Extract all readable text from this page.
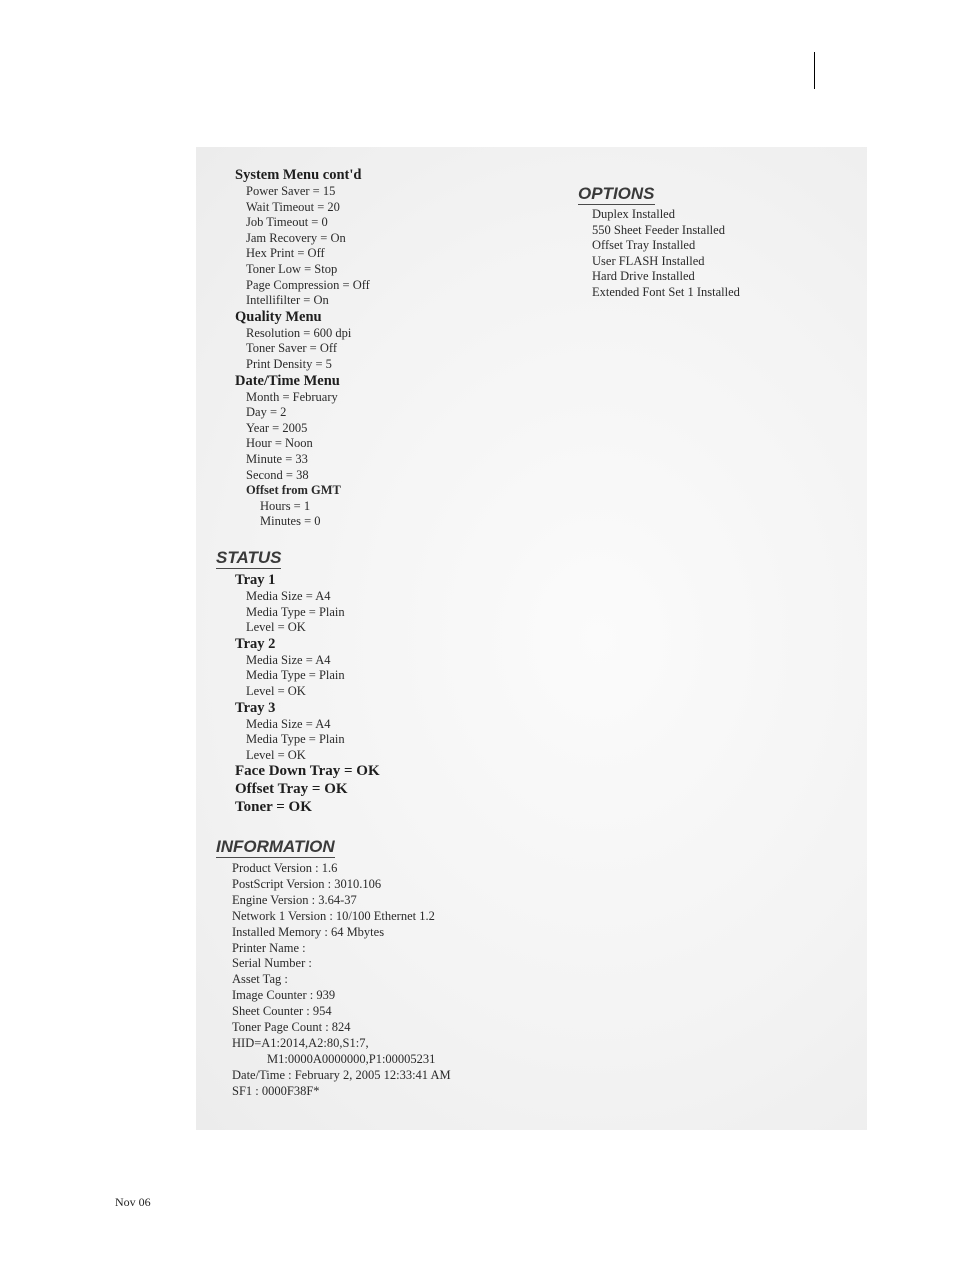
System Menu cont'd
Power Saver = 15
Wait Timeout = 20
Job Timeout = 0
Jam Recovery = On
Hex Print = Off
Toner Low = Stop
Page Compression = Off
Intellifilter = On
Quality Menu
Resolution = 600 dpi
Toner Saver = Off
Print Density = 5
Date/Time Menu
Month = February
Day = 2
Year = 2005
Hour = Noon
Minute = 33
Second = 38
Offset from GMT
Hours = 1
Minutes = 0
OPTIONS
Duplex Installed
550 Sheet Feeder Installed
Offset Tray Installed
User FLASH Installed
Hard Drive Installed
Extended Font Set 1 Installed
STATUS
Tray 1
Media Size = A4
Media Type = Plain
Level = OK
Tray 2
Media Size = A4
Media Type = Plain
Level = OK
Tray 3
Media Size = A4
Media Type = Plain
Level = OK
Face Down Tray = OK
Offset Tray = OK
Toner = OK
INFORMATION
Product Version : 1.6
PostScript Version : 3010.106
Engine Version : 3.64-37
Network 1 Version : 10/100 Ethernet 1.2
Installed Memory : 64 Mbytes
Printer Name :
Serial Number :
Asset Tag :
Image Counter : 939
Sheet Counter : 954
Toner Page Count : 824
HID=A1:2014,A2:80,S1:7,
M1:0000A0000000,P1:00005231
Date/Time : February 2, 2005 12:33:41 AM
SF1 : 0000F38F*
Nov 06
